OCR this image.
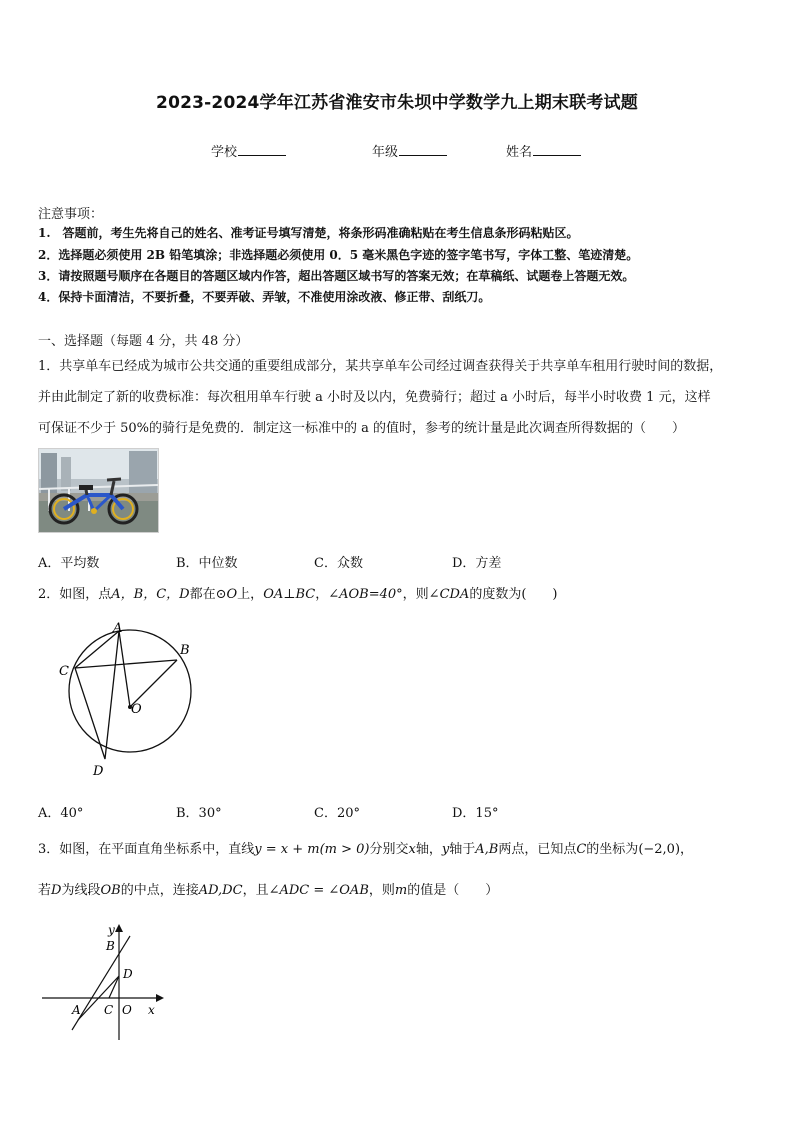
2023-2024学年江苏省淮安市朱坝中学数学九上期末联考试题
学校	年级	姓名
注意事项：
1.　答题前，考生先将自己的姓名、准考证号填写清楚，将条形码准确粘贴在考生信息条形码粘贴区。
2．选择题必须使用 2B 铅笔填涂；非选择题必须使用 0．5 毫米黑色字迹的签字笔书写，字体工整、笔迹清楚。
3．请按照题号顺序在各题目的答题区域内作答，超出答题区域书写的答案无效；在草稿纸、试题卷上答题无效。
4．保持卡面清洁，不要折叠，不要弄破、弄皱，不准使用涂改液、修正带、刮纸刀。
一、选择题（每题 4 分，共 48 分）
1．共享单车已经成为城市公共交通的重要组成部分，某共享单车公司经过调查获得关于共享单车租用行驶时间的数据，
并由此制定了新的收费标准：每次租用单车行驶 a 小时及以内，免费骑行；超过 a 小时后，每半小时收费 1 元，这样
可保证不少于 50%的骑行是免费的．制定这一标准中的 a 的值时，参考的统计量是此次调查所得数据的（　　）
A．平均数	B．中位数	C．众数	D．方差
2．如图，点A，B，C，D都在⊙O上，OA⊥BC，∠AOB=40°，则∠CDA的度数为(　　)
A
B
C
D
O
A．40°	B．30°	C．20°	D．15°
3．如图，在平面直角坐标系中，直线y = x + m(m > 0)分别交x轴，y轴于A,B两点，已知点C的坐标为(−2,0)，
若D为线段OB的中点，连接AD,DC，且∠ADC = ∠OAB，则m的值是（　　）
y
B
D
A C O x
